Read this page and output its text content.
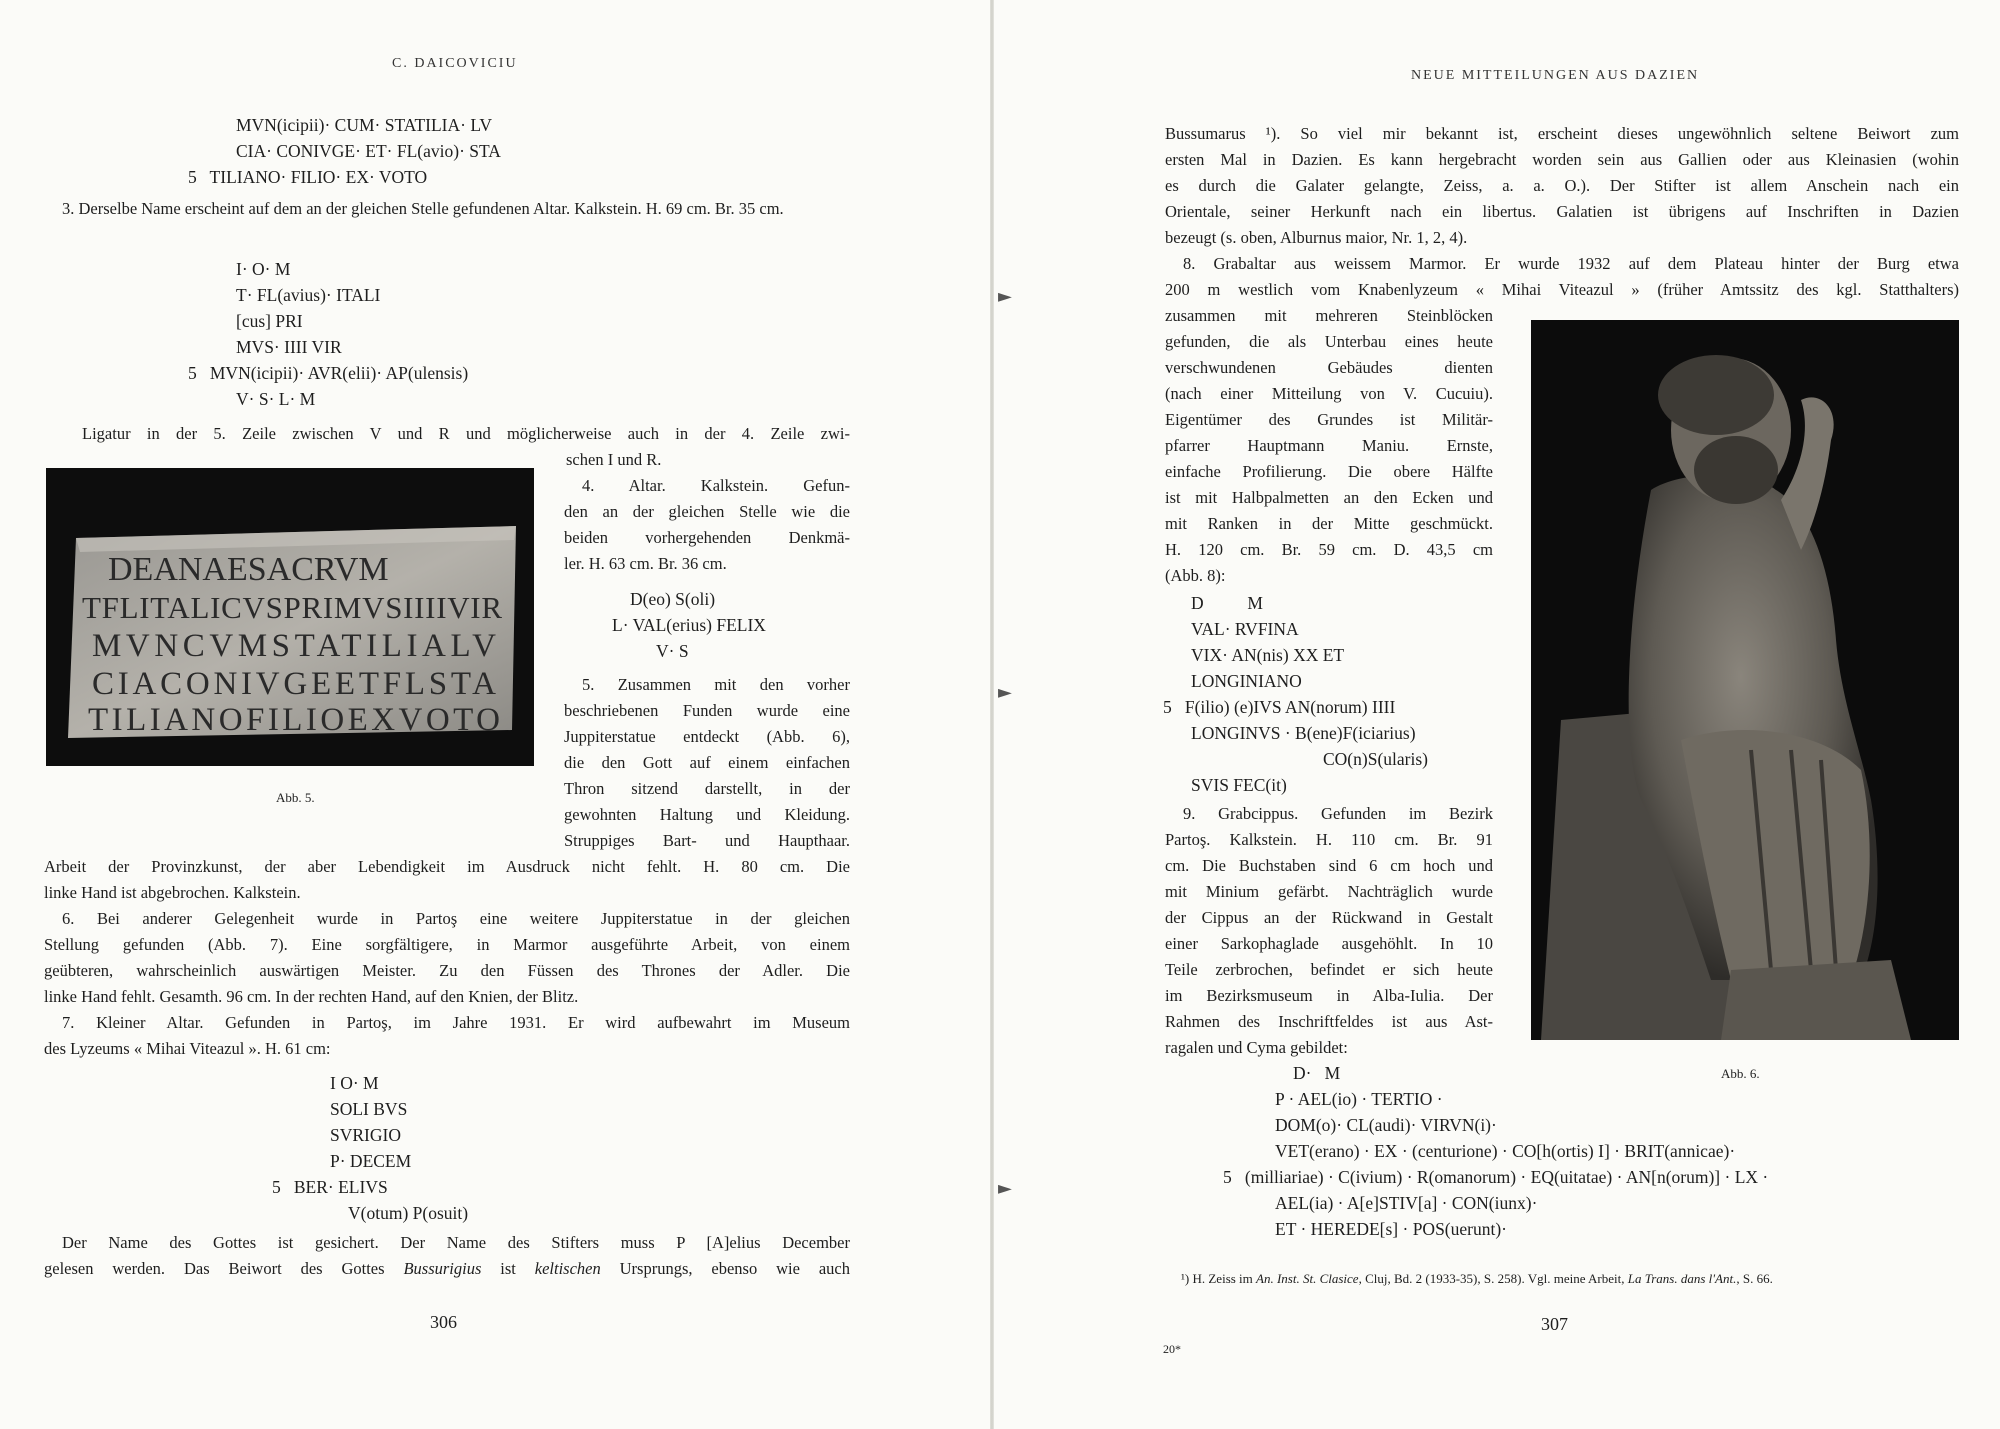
C. DAICOVICIU
MVN(icipii)· CUM· STATILIA· LV
CIA· CONIVGE· ET· FL(avio)· STA
5   TILIANO· FILIO· EX· VOTO
3. Derselbe Name erscheint auf dem an der gleichen Stelle gefundenen Altar. Kalkstein. H. 69 cm. Br. 35 cm.
I· O· M
T· FL(avius)· ITALI
[cus] PRI
MVS· IIII VIR
5   MVN(icipii)· AVR(elii)· AP(ulensis)
V· S· L· M
Ligatur in der 5. Zeile zwischen V und R und möglicherweise auch in der 4. Zeile zwi-
schen I und R.
DEANAESACRVM
TFLITALICVSPRIMVSIIIIVIR
MVNCVMSTATILIALV
CIACONIVGEETFLSTA
TILIANOFILIOEXVOTO
Abb. 5.
4. Altar. Kalkstein. Gefun-
den an der gleichen Stelle wie die
beiden vorhergehenden Denkmä-
ler. H. 63 cm. Br. 36 cm.
D(eo) S(oli)
L· VAL(erius) FELIX
V· S
5. Zusammen mit den vorher
beschriebenen Funden wurde eine
Juppiterstatue entdeckt (Abb. 6),
die den Gott auf einem einfachen
Thron sitzend darstellt, in der
gewohnten Haltung und Kleidung.
Struppiges Bart- und Haupthaar.
Arbeit der Provinzkunst, der aber Lebendigkeit im Ausdruck nicht fehlt. H. 80 cm. Die
linke Hand ist abgebrochen. Kalkstein.
6. Bei anderer Gelegenheit wurde in Partoş eine weitere Juppiterstatue in der gleichen
Stellung gefunden (Abb. 7). Eine sorgfältigere, in Marmor ausgeführte Arbeit, von einem
geübteren, wahrscheinlich auswärtigen Meister. Zu den Füssen des Thrones der Adler. Die
linke Hand fehlt. Gesamth. 96 cm. In der rechten Hand, auf den Knien, der Blitz.
7. Kleiner Altar. Gefunden in Partoş, im Jahre 1931. Er wird aufbewahrt im Museum
des Lyzeums « Mihai Viteazul ». H. 61 cm:
I O· M
SOLI BVS
SVRIGIO
P· DECEM
5   BER· ELIVS
V(otum) P(osuit)
Der Name des Gottes ist gesichert. Der Name des Stifters muss P [A]elius December
gelesen werden. Das Beiwort des Gottes Bussurigius ist keltischen Ursprungs, ebenso wie auch
306
►
►
►
NEUE MITTEILUNGEN AUS DAZIEN
Bussumarus ¹). So viel mir bekannt ist, erscheint dieses ungewöhnlich seltene Beiwort zum
ersten Mal in Dazien. Es kann hergebracht worden sein aus Gallien oder aus Kleinasien (wohin
es durch die Galater gelangte, Zeiss, a. a. O.). Der Stifter ist allem Anschein nach ein
Orientale, seiner Herkunft nach ein libertus. Galatien ist übrigens auf Inschriften in Dazien
bezeugt (s. oben, Alburnus maior, Nr. 1, 2, 4).
8. Grabaltar aus weissem Marmor. Er wurde 1932 auf dem Plateau hinter der Burg etwa
200 m westlich vom Knabenlyzeum « Mihai Viteazul » (früher Amtssitz des kgl. Statthalters)
zusammen mit mehreren Steinblöcken
gefunden, die als Unterbau eines heute
verschwundenen Gebäudes dienten
(nach einer Mitteilung von V. Cucuiu).
Eigentümer des Grundes ist Militär-
pfarrer Hauptmann Maniu. Ernste,
einfache Profilierung. Die obere Hälfte
ist mit Halbpalmetten an den Ecken und
mit Ranken in der Mitte geschmückt.
H. 120 cm. Br. 59 cm. D. 43,5 cm
(Abb. 8):
D          M
VAL· RVFINA
VIX· AN(nis) XX ET
LONGINIANO
5   F(ilio) (e)IVS AN(norum) IIII
LONGINVS · B(ene)F(iciarius)
CO(n)S(ularis)
SVIS FEC(it)
9. Grabcippus. Gefunden im Bezirk
Partoş. Kalkstein. H. 110 cm. Br. 91
cm. Die Buchstaben sind 6 cm hoch und
mit Minium gefärbt. Nachträglich wurde
der Cippus an der Rückwand in Gestalt
einer Sarkophaglade ausgehöhlt. In 10
Teile zerbrochen, befindet er sich heute
im Bezirksmuseum in Alba-Iulia. Der
Rahmen des Inschriftfeldes ist aus Ast-
ragalen und Cyma gebildet:
Abb. 6.
D·   M
P · AEL(io) · TERTIO ·
DOM(o)· CL(audi)· VIRVN(i)·
VET(erano) · EX · (centurione) · CO[h(ortis) I] · BRIT(annicae)·
5   (milliariae) · C(ivium) · R(omanorum) · EQ(uitatae) · AN[n(orum)] · LX ·
AEL(ia) · A[e]STIV[a] · CON(iunx)·
ET · HEREDE[s] · POS(uerunt)·
¹) H. Zeiss im An. Inst. St. Clasice, Cluj, Bd. 2 (1933-35), S. 258). Vgl. meine Arbeit, La Trans. dans l'Ant., S. 66.
20*
307
